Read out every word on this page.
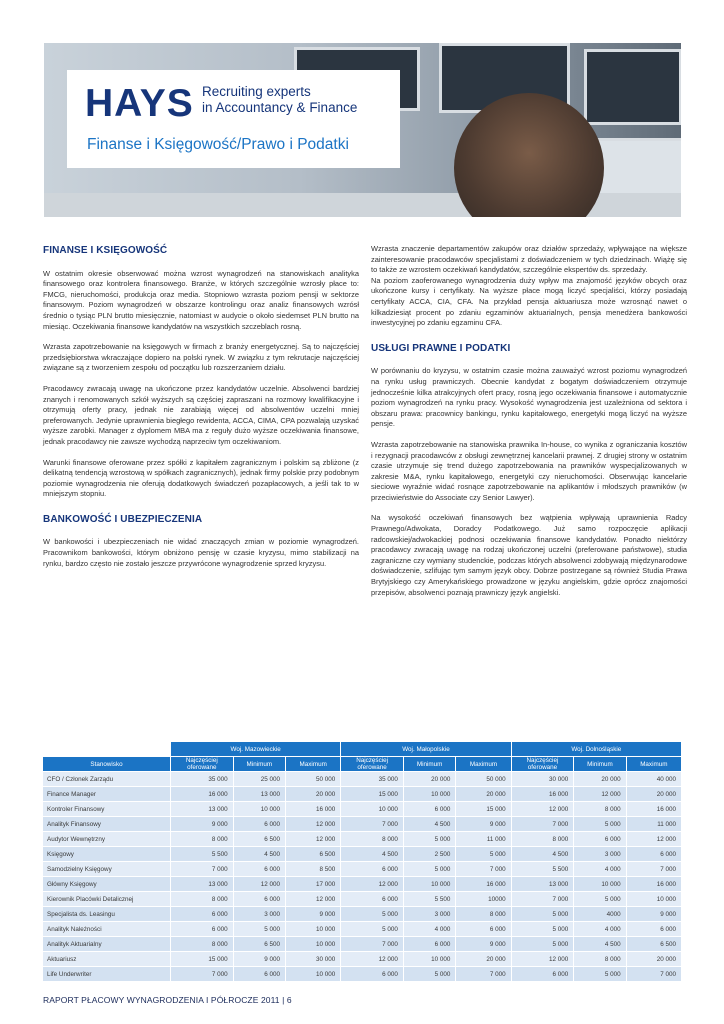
HAYS Recruiting experts
in Accountancy & Finance
Finanse i Księgowość/Prawo i Podatki
FINANSE I KSIĘGOWOŚĆ

W ostatnim okresie obserwować można wzrost wynagrodzeń na stanowiskach analityka finansowego oraz kontrolera finansowego. Branże, w których szczególnie wzrosły płace to: FMCG, nieruchomości, produkcja oraz media. Stopniowo wzrasta poziom pensji w sektorze finansowym. Poziom wynagrodzeń w obszarze kontrolingu oraz analiz finansowych wzrósł średnio o tysiąc PLN brutto miesięcznie, natomiast w audycie o około siedemset PLN brutto na miesiąc. Oczekiwania finansowe kandydatów na wszystkich szczeblach rosną.

Wzrasta zapotrzebowanie na księgowych w firmach z branży energetycznej. Są to najczęściej przedsiębiorstwa wkraczające dopiero na polski rynek. W związku z tym rekrutacje najczęściej związane są z tworzeniem zespołu od początku lub rozszerzaniem działu.

Pracodawcy zwracają uwagę na ukończone przez kandydatów uczelnie. Absolwenci bardziej znanych i renomowanych szkół wyższych są częściej zapraszani na rozmowy kwalifikacyjne i otrzymują oferty pracy, jednak nie zarabiają więcej od absolwentów uczelni mniej preferowanych. Jedynie uprawnienia biegłego rewidenta, ACCA, CIMA, CPA pozwalają uzyskać wyższe zarobki. Manager z dyplomem MBA ma z reguły dużo wyższe oczekiwania finansowe, jednak pracodawcy nie zawsze wychodzą naprzeciw tym oczekiwaniom.

Warunki finansowe oferowane przez spółki z kapitałem zagranicznym i polskim są zbliżone (z delikatną tendencją wzrostową w spółkach zagranicznych), jednak firmy polskie przy podobnym poziomie wynagrodzenia nie oferują dodatkowych świadczeń pozapłacowych, a jeśli tak to w mniejszym stopniu.

BANKOWOŚĆ I UBEZPIECZENIA

W bankowości i ubezpieczeniach nie widać znaczących zmian w poziomie wynagrodzeń. Pracownikom bankowości, którym obniżono pensję w czasie kryzysu, mimo stabilizacji na rynku, bardzo często nie zostało jeszcze przywrócone wynagrodzenie sprzed kryzysu.

Wzrasta znaczenie departamentów zakupów oraz działów sprzedaży, wpływające na większe zainteresowanie pracodawców specjalistami z doświadczeniem w tych dziedzinach. Wiążę się to także ze wzrostem oczekiwań kandydatów, szczególnie ekspertów ds. sprzedaży.

Na poziom zaoferowanego wynagrodzenia duży wpływ ma znajomość języków obcych oraz ukończone kursy i certyfikaty. Na wyższe płace mogą liczyć specjaliści, którzy posiadają certyfikaty ACCA, CIA, CFA. Na przykład pensja aktuariusza może wzrosnąć nawet o kilkadziesiąt procent po zdaniu egzaminów aktuarialnych, pensja menedżera bankowości inwestycyjnej po zdaniu egzaminu CFA.

USŁUGI PRAWNE I PODATKI

W porównaniu do kryzysu, w ostatnim czasie można zauważyć wzrost poziomu wynagrodzeń na rynku usług prawniczych. Obecnie kandydat z bogatym doświadczeniem otrzymuje jednocześnie kilka atrakcyjnych ofert pracy, rosną jego oczekiwania finansowe i automatycznie poziom wynagrodzeń na rynku pracy. Wysokość wynagrodzenia jest uzależniona od sektora i obszaru prawa: pracownicy bankingu, rynku kapitałowego, energetyki mogą liczyć na wyższe pensje.

Wzrasta zapotrzebowanie na stanowiska prawnika In-house, co wynika z ograniczania kosztów i rezygnacji pracodawców z obsługi zewnętrznej kancelarii prawnej. Z drugiej strony w ostatnim czasie utrzymuje się trend dużego zapotrzebowania na prawników wyspecjalizowanych w zakresie M&A, rynku kapitałowego, energetyki czy nieruchomości. Obserwując kancelarie sieciowe wyraźnie widać rosnące zapotrzebowanie na aplikantów i młodszych prawników (w przeciwieństwie do Associate czy Senior Lawyer).

Na wysokość oczekiwań finansowych bez wątpienia wpływają uprawnienia Radcy Prawnego/Adwokata, Doradcy Podatkowego. Już samo rozpoczęcie aplikacji radcowskiej/adwokackiej podnosi oczekiwania finansowe kandydatów. Ponadto niektórzy pracodawcy zwracają uwagę na rodzaj ukończonej uczelni (preferowane państwowe), studia zagraniczne czy wymiany studenckie, podczas których absolwenci zdobywają międzynarodowe doświadczenie, szlifując tym samym język obcy. Dobrze postrzegane są również Studia Prawa Brytyjskiego czy Amerykańskiego prowadzone w języku angielskim, gdzie oprócz znajomości przepisów, absolwenci poznają prawniczy język angielski.

	Woj. Mazowieckie			Woj. Małopolskie			Woj. Dolnośląskie		
Stanowisko	Najczęściej
oferowane	Minimum	Maximum	Najczęściej
oferowane	Minimum	Maximum	Najczęściej
oferowane	Minimum	Maximum
CFO / Członek Zarządu	35 000	25 000	50 000	35 000	20 000	50 000	30 000	20 000	40 000
Finance Manager	16 000	13 000	20 000	15 000	10 000	20 000	16 000	12 000	20 000
Kontroler Finansowy	13 000	10 000	16 000	10 000	6 000	15 000	12 000	8 000	16 000
Analityk Finansowy	9 000	6 000	12 000	7 000	4 500	9 000	7 000	5 000	11 000
Audytor Wewnętrzny	8 000	6 500	12 000	8 000	5 000	11 000	8 000	6 000	12 000
Księgowy	5 500	4 500	6 500	4 500	2 500	5 000	4 500	3 000	6 000
Samodzielny Księgowy	7 000	6 000	8 500	6 000	5 000	7 000	5 500	4 000	7 000
Główny Księgowy	13 000	12 000	17 000	12 000	10 000	16 000	13 000	10 000	16 000
Kierownik Placówki Detalicznej	8 000	6 000	12 000	6 000	5 500	10000	7 000	5 000	10 000
Specjalista ds. Leasingu	6 000	3 000	9 000	5 000	3 000	8 000	5 000	4000	9 000
Analityk Należności	6 000	5 000	10 000	5 000	4 000	6 000	5 000	4 000	6 000
Analityk Aktuarialny	8 000	6 500	10 000	7 000	6 000	9 000	5 000	4 500	6 500
Aktuariusz	15 000	9 000	30 000	12 000	10 000	20 000	12 000	8 000	20 000
Life Underwriter	7 000	6 000	10 000	6 000	5 000	7 000	6 000	5 000	7 000
RAPORT PŁACOWY WYNAGRODZENIA I PÓŁROCZE 2011 | 6
